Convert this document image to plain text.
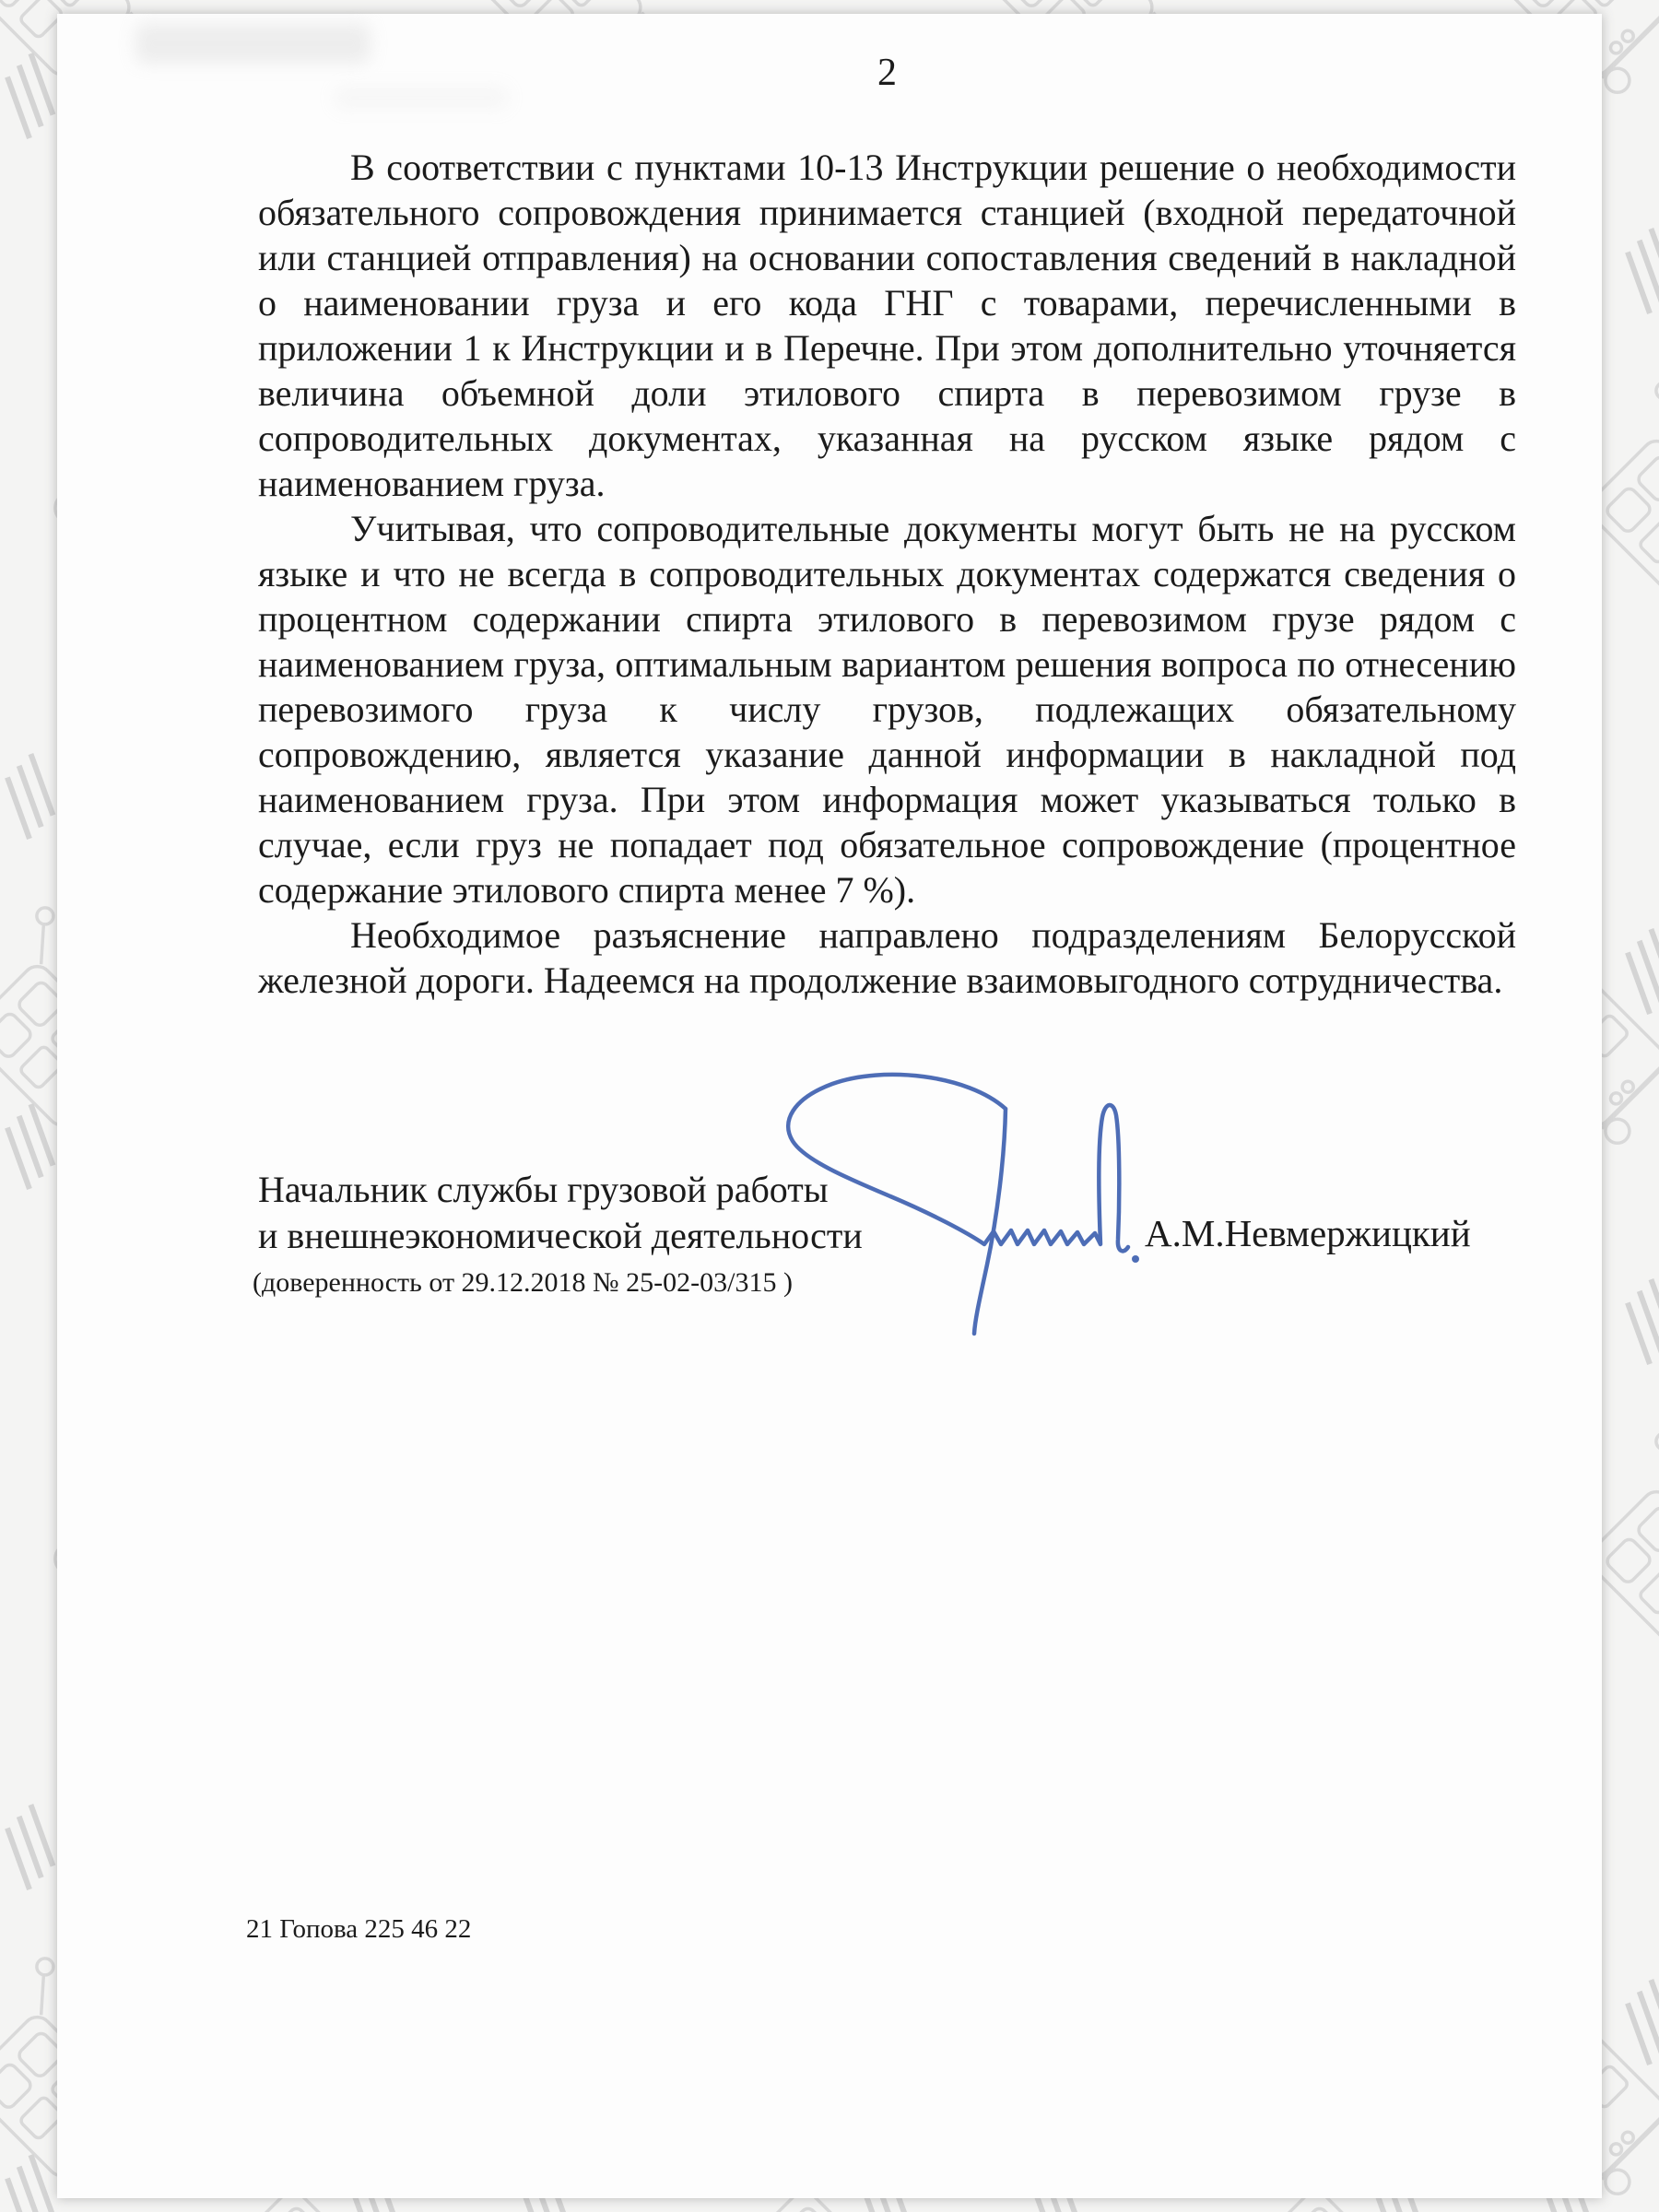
2

В соответствии с пунктами 10-13 Инструкции решение о необходимости обязательного сопровождения принимается станцией (входной передаточной или станцией отправления) на основании сопоставления сведений в накладной о наименовании груза и его кода ГНГ с товарами, перечисленными в приложении 1 к Инструкции и в Перечне. При этом дополнительно уточняется величина объемной доли этилового спирта в перевозимом грузе в сопроводительных документах, указанная на русском языке рядом с наименованием груза.

Учитывая, что сопроводительные документы могут быть не на русском языке и что не всегда в сопроводительных документах содержатся сведения о процентном содержании спирта этилового в перевозимом грузе рядом с наименованием груза, оптимальным вариантом решения вопроса по отнесению перевозимого груза к числу грузов, подлежащих обязательному сопровождению, является указание данной информации в накладной под наименованием груза. При этом информация может указываться только в случае, если груз не попадает под обязательное сопровождение (процентное содержание этилового спирта менее 7 %).

Необходимое разъяснение направлено подразделениям Белорусской железной дороги. Надеемся на продолжение взаимовыгодного сотрудничества.

Начальник службы грузовой работы
и внешнеэкономической деятельности	А.М.Невмержицкий
(доверенность от 29.12.2018 № 25-02-03/315 )
21 Гопова 225 46 22
